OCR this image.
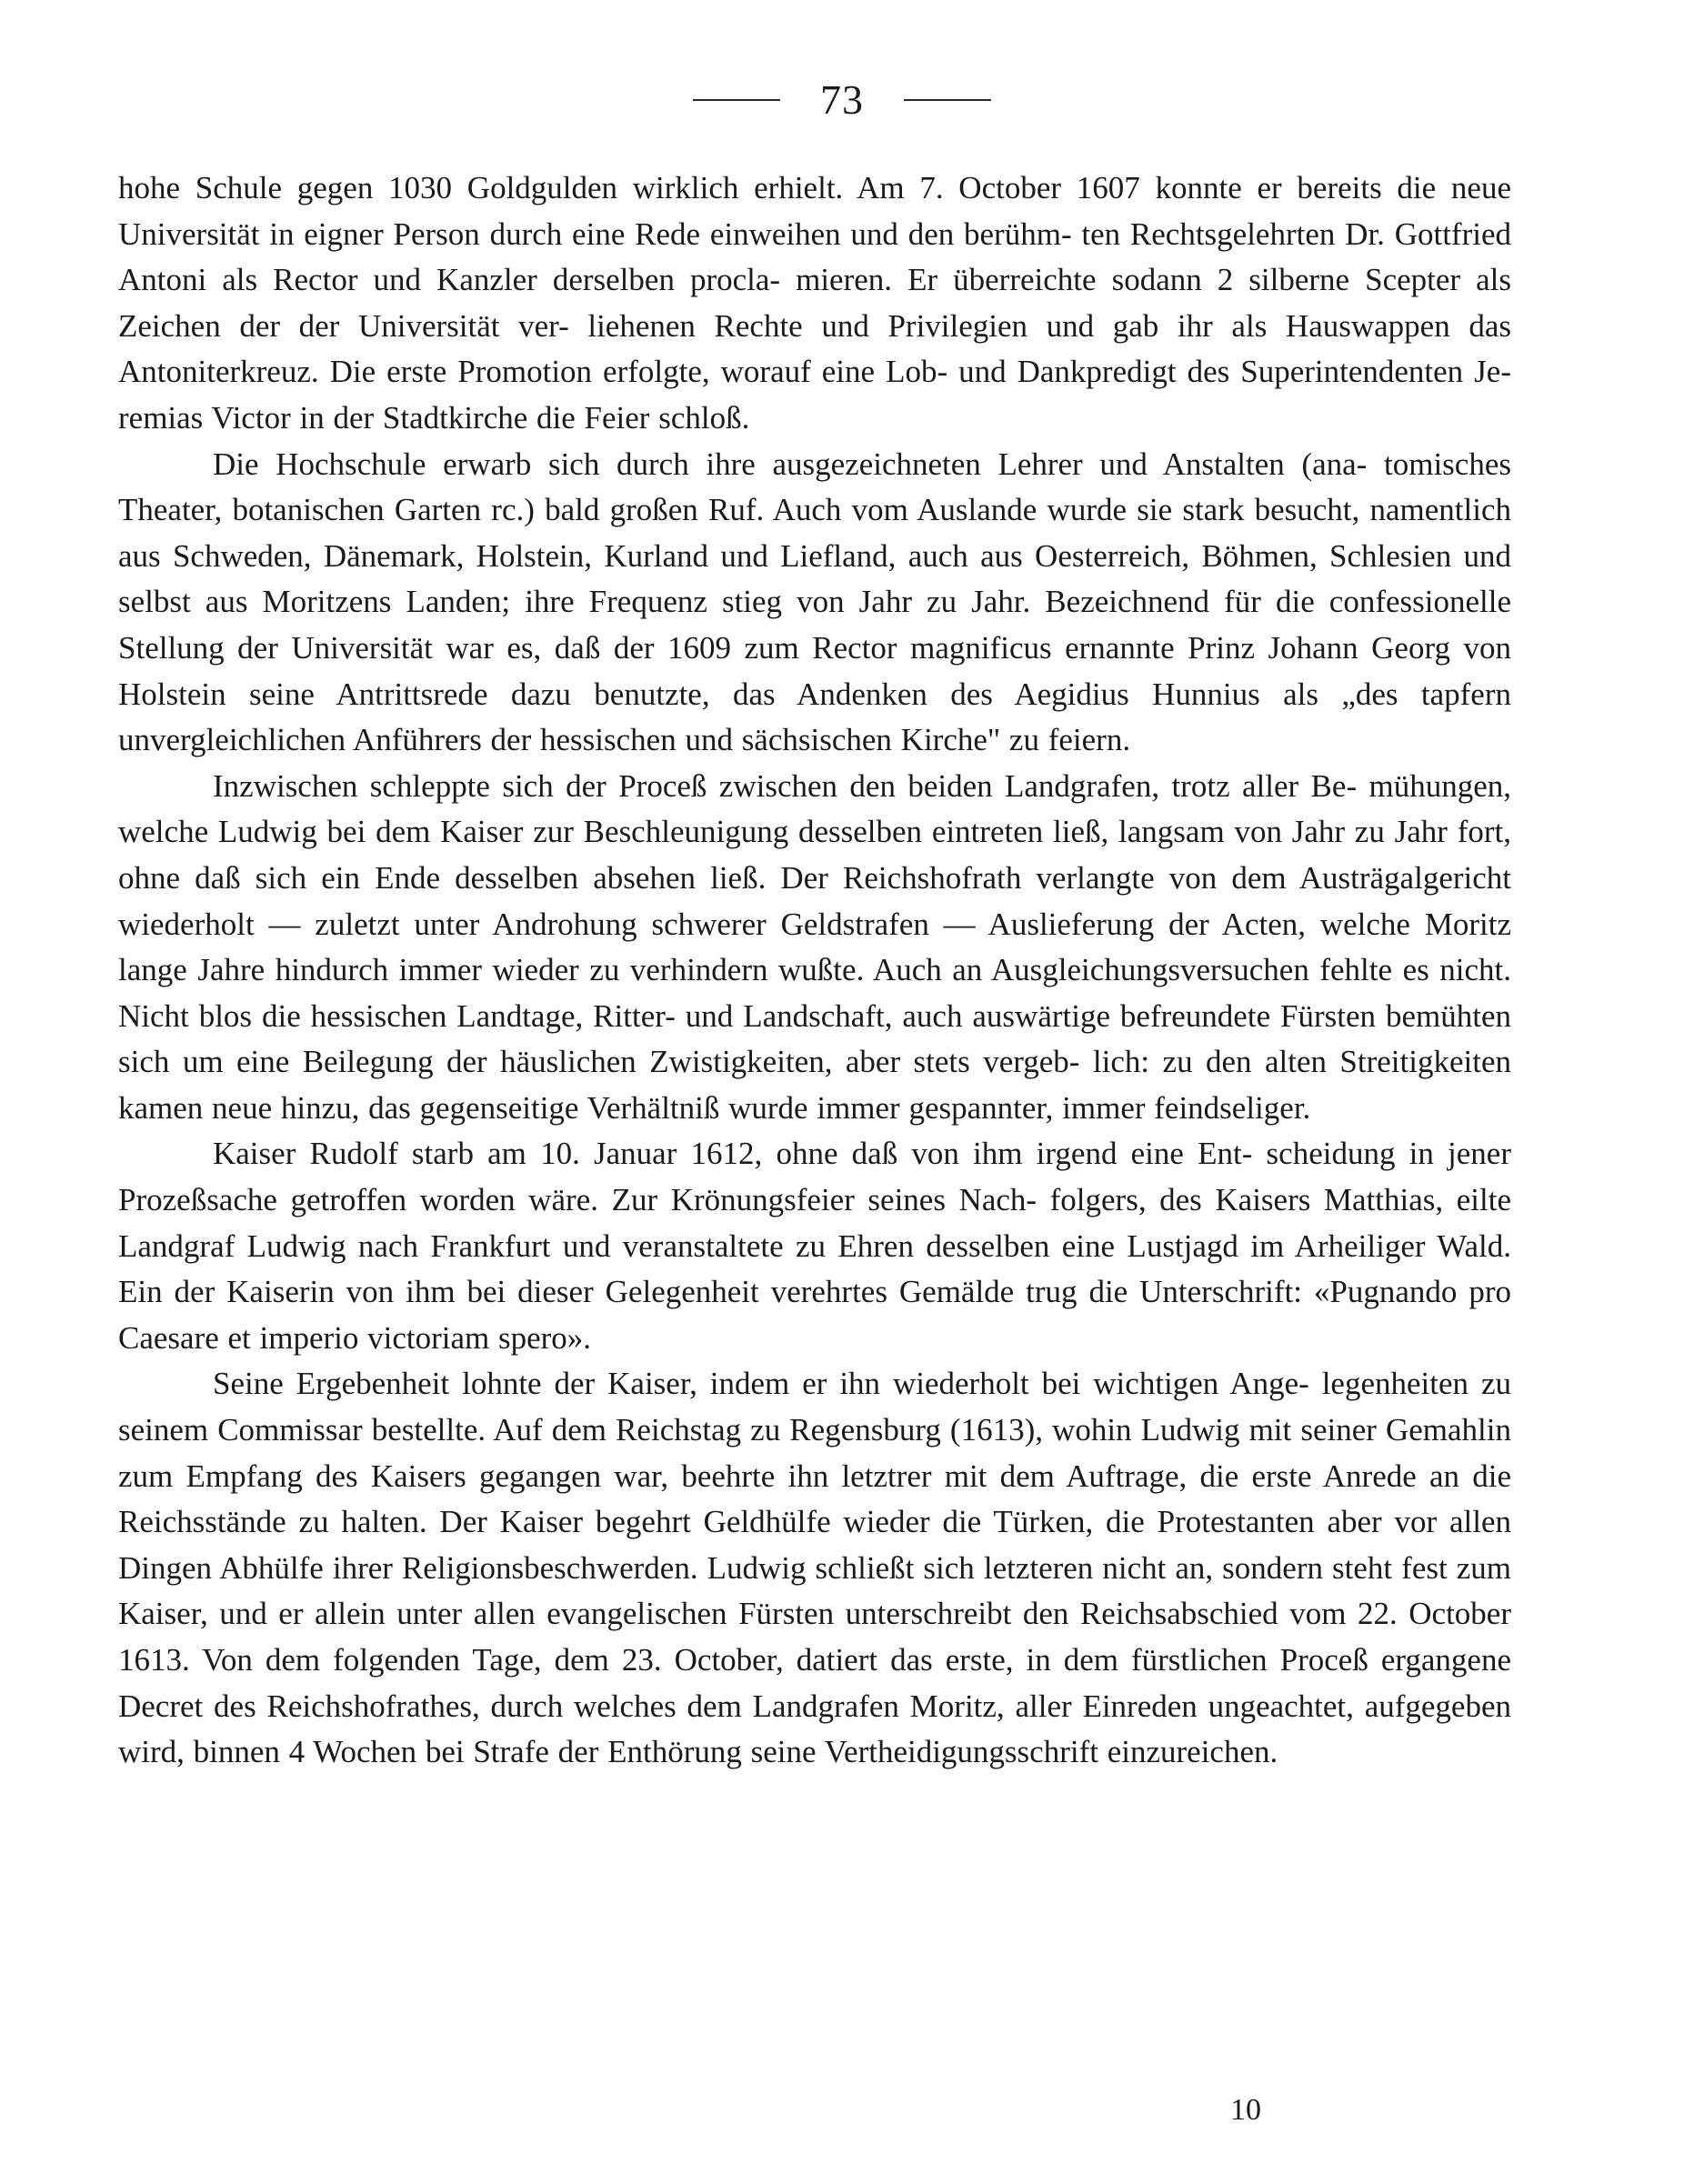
73

hohe Schule gegen 1030 Goldgulden wirklich erhielt. Am 7. October 1607 konnte er bereits die neue Universität in eigner Person durch eine Rede einweihen und den berühm- ten Rechtsgelehrten Dr. Gottfried Antoni als Rector und Kanzler derselben procla- mieren. Er überreichte sodann 2 silberne Scepter als Zeichen der der Universität ver- liehenen Rechte und Privilegien und gab ihr als Hauswappen das Antoniterkreuz. Die erste Promotion erfolgte, worauf eine Lob- und Dankpredigt des Superintendenten Je- remias Victor in der Stadtkirche die Feier schloß.

Die Hochschule erwarb sich durch ihre ausgezeichneten Lehrer und Anstalten (ana- tomisches Theater, botanischen Garten rc.) bald großen Ruf. Auch vom Auslande wurde sie stark besucht, namentlich aus Schweden, Dänemark, Holstein, Kurland und Liefland, auch aus Oesterreich, Böhmen, Schlesien und selbst aus Moritzens Landen; ihre Frequenz stieg von Jahr zu Jahr. Bezeichnend für die confessionelle Stellung der Universität war es, daß der 1609 zum Rector magnificus ernannte Prinz Johann Georg von Holstein seine Antrittsrede dazu benutzte, das Andenken des Aegidius Hunnius als „des tapfern unvergleichlichen Anführers der hessischen und sächsischen Kirche" zu feiern.

Inzwischen schleppte sich der Proceß zwischen den beiden Landgrafen, trotz aller Be- mühungen, welche Ludwig bei dem Kaiser zur Beschleunigung desselben eintreten ließ, langsam von Jahr zu Jahr fort, ohne daß sich ein Ende desselben absehen ließ. Der Reichshofrath verlangte von dem Austrägalgericht wiederholt — zuletzt unter Androhung schwerer Geldstrafen — Auslieferung der Acten, welche Moritz lange Jahre hindurch immer wieder zu verhindern wußte. Auch an Ausgleichungsversuchen fehlte es nicht. Nicht blos die hessischen Landtage, Ritter- und Landschaft, auch auswärtige befreundete Fürsten bemühten sich um eine Beilegung der häuslichen Zwistigkeiten, aber stets vergeb- lich: zu den alten Streitigkeiten kamen neue hinzu, das gegenseitige Verhältniß wurde immer gespannter, immer feindseliger.

Kaiser Rudolf starb am 10. Januar 1612, ohne daß von ihm irgend eine Ent- scheidung in jener Prozeßsache getroffen worden wäre. Zur Krönungsfeier seines Nach- folgers, des Kaisers Matthias, eilte Landgraf Ludwig nach Frankfurt und veranstaltete zu Ehren desselben eine Lustjagd im Arheiliger Wald. Ein der Kaiserin von ihm bei dieser Gelegenheit verehrtes Gemälde trug die Unterschrift: «Pugnando pro Caesare et imperio victoriam spero».

Seine Ergebenheit lohnte der Kaiser, indem er ihn wiederholt bei wichtigen Ange- legenheiten zu seinem Commissar bestellte. Auf dem Reichstag zu Regensburg (1613), wohin Ludwig mit seiner Gemahlin zum Empfang des Kaisers gegangen war, beehrte ihn letztrer mit dem Auftrage, die erste Anrede an die Reichsstände zu halten. Der Kaiser begehrt Geldhülfe wieder die Türken, die Protestanten aber vor allen Dingen Abhülfe ihrer Religionsbeschwerden. Ludwig schließt sich letzteren nicht an, sondern steht fest zum Kaiser, und er allein unter allen evangelischen Fürsten unterschreibt den Reichsabschied vom 22. October 1613. Von dem folgenden Tage, dem 23. October, datiert das erste, in dem fürstlichen Proceß ergangene Decret des Reichshofrathes, durch welches dem Landgrafen Moritz, aller Einreden ungeachtet, aufgegeben wird, binnen 4 Wochen bei Strafe der Enthörung seine Vertheidigungsschrift einzureichen.

10
